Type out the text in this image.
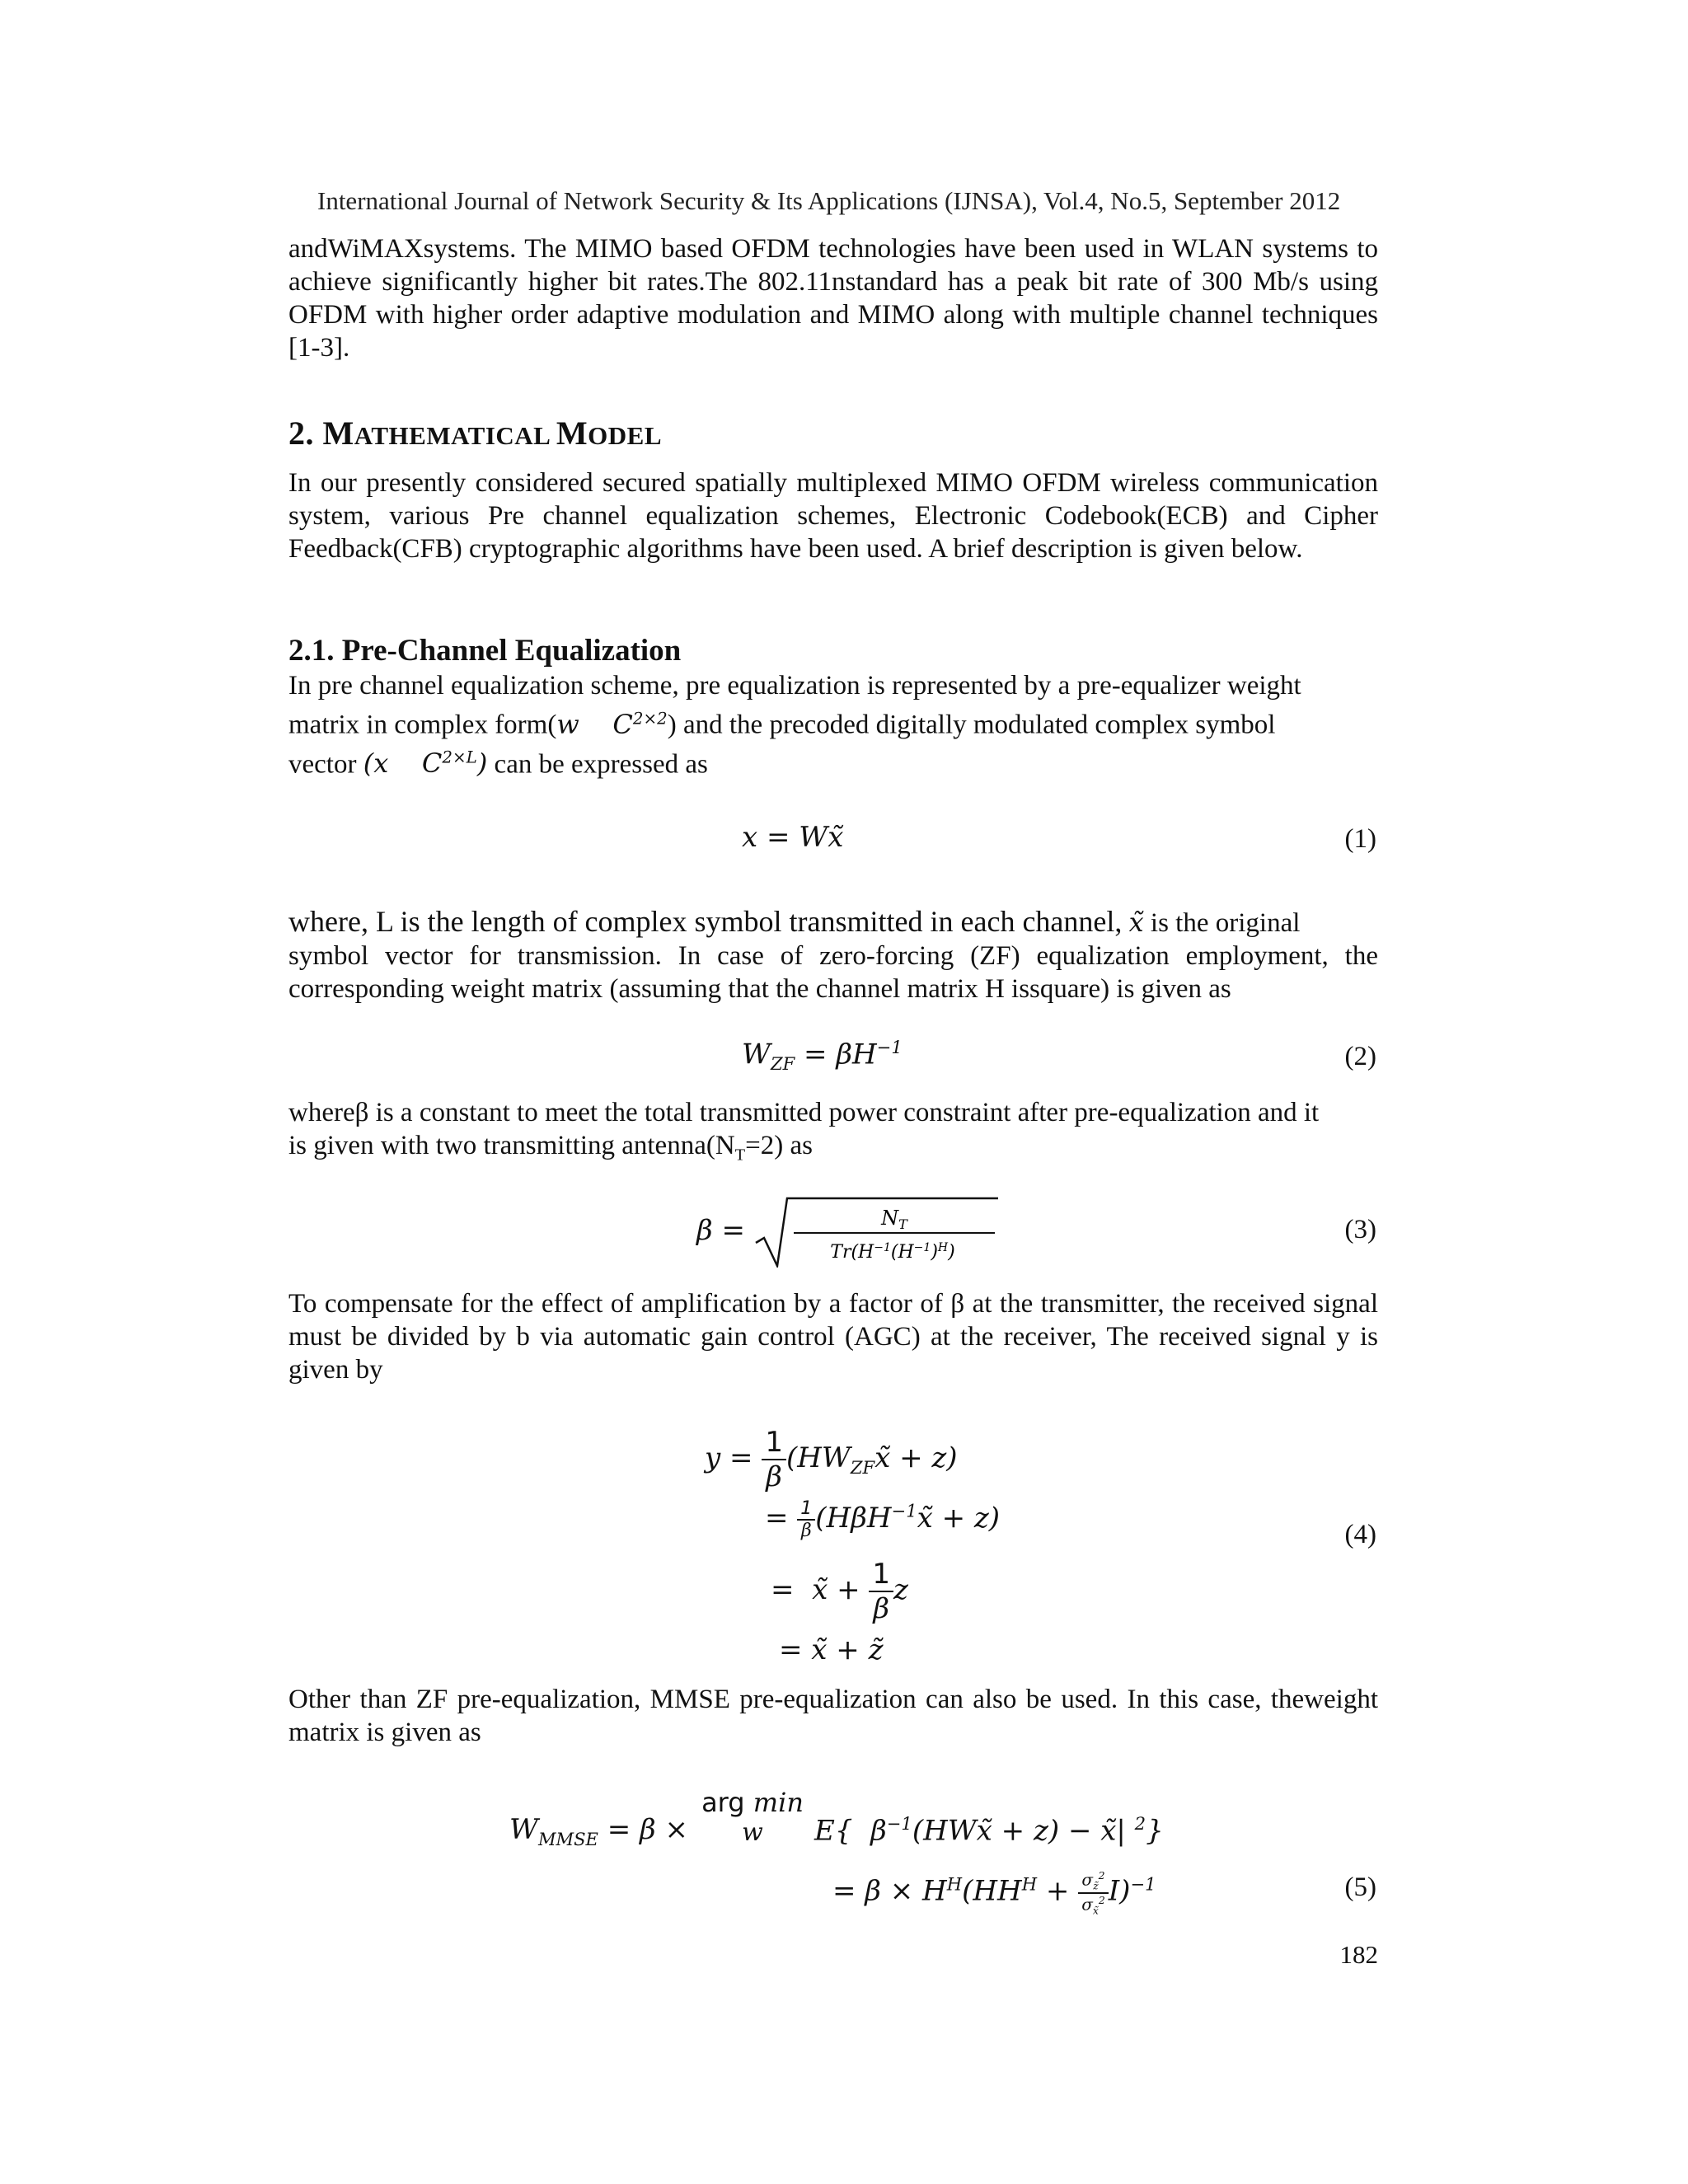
International Journal of Network Security & Its Applications (IJNSA), Vol.4, No.5, September 2012

andWiMAXsystems. The MIMO based OFDM technologies have been used in WLAN systems to achieve significantly higher bit rates.The 802.11nstandard has a peak bit rate of 300 Mb/s using OFDM with higher order adaptive modulation and MIMO along with multiple channel techniques [1-3].

2. MATHEMATICAL MODEL

In our presently considered secured spatially multiplexed MIMO OFDM wireless communication system, various Pre channel equalization schemes, Electronic Codebook(ECB) and Cipher Feedback(CFB) cryptographic algorithms have been used. A brief description is given below.

2.1. Pre-Channel Equalization

In pre channel equalization scheme, pre equalization is represented by a pre-equalizer weight

matrix in complex form(w    $C^{2\times 2}$) and the precoded digitally modulated complex symbol

vector (x    $C^{2\times L}$) can be expressed as

x = Wx̃	(1)

where, L is the length of complex symbol transmitted in each channel, x̃ is the original

symbol vector for transmission. In case of zero-forcing (ZF) equalization employment, the corresponding weight matrix (assuming that the channel matrix H issquare) is given as

$W_{ZF} = \beta H^{-1}$	(2)

whereβ is a constant to meet the total transmitted power constraint after pre-equalization and it

is given with two transmitting $antenna(N_T=2)$ as

β =	$N_T$
$Tr(H^{-1}(H^{-1})^H)$
(3)

To compensate for the effect of amplification by a factor of β at the transmitter, the received signal must be divided by b via automatic gain control (AGC) at the receiver, The received signal y is given by

$y = \frac{1}{\beta}$ $(HW_{ZF}x̃ + z)$
= $\frac{1}{\beta}$ (HβH$^{-1}$x̃ + z)	(4)
=  x̃ + $\frac{1}{\beta}$ z
= x̃ + z̃

Other than ZF pre-equalization, MMSE pre-equalization can also be used. In this case, theweight matrix is given as

$W_{MMSE} = \beta$ ×
arg min
w	E{  $\beta^{-1}(HWx̃ + z)$ − x̃| $^2$}
= $\beta \times H^H(HH^H + \frac{\sigma_{z̃}^2}{\sigma_{x̃}^2} I)^{-1}$	(5)
182
